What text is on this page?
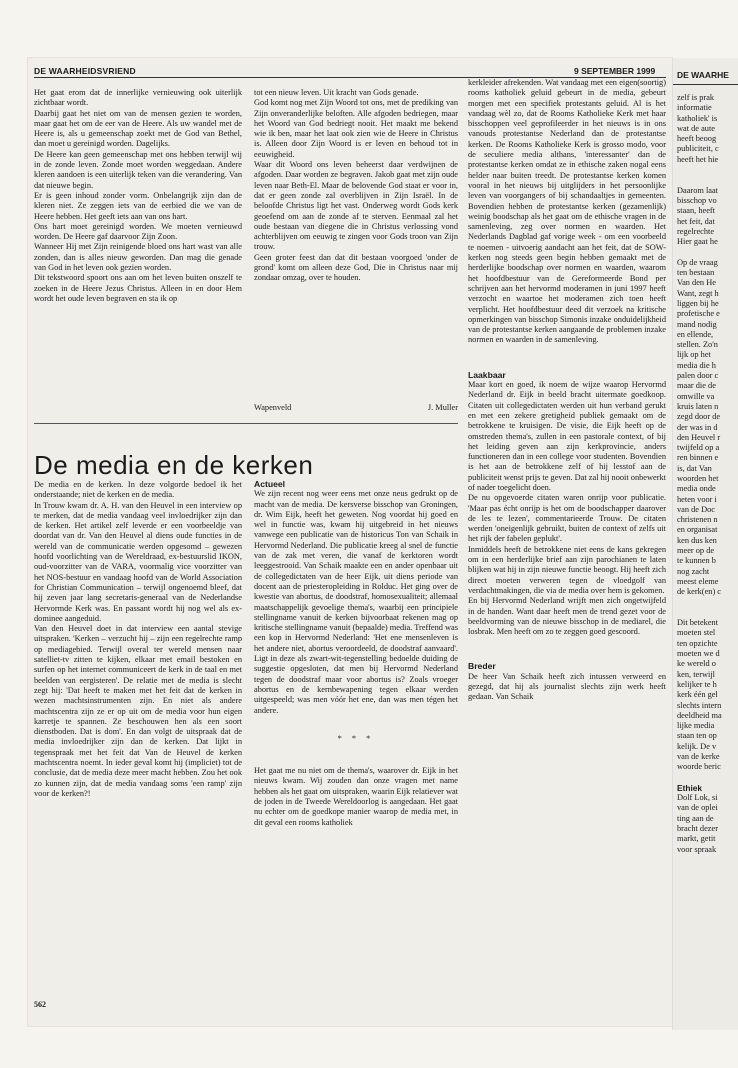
DE WAARHEIDSVRIEND	9 SEPTEMBER 1999

Het gaat erom dat de innerlijke vernieuwing ook uiterlijk zichtbaar wordt.

Daarbij gaat het niet om van de mensen gezien te worden, maar gaat het om de eer van de Heere. Als uw wandel met de Heere is, als u gemeenschap zoekt met de God van Bethel, dan moet u gereinigd worden. Dagelijks.

De Heere kan geen gemeenschap met ons hebben terwijl wij in de zonde leven. Zonde moet worden weggedaan. Andere kleren aandoen is een uiterlijk teken van die verandering. Van dat nieuwe begin.

Er is geen inhoud zonder vorm. Onbelangrijk zijn dan de kleren niet. Ze zeggen iets van de eerbied die we van de Heere hebben. Het geeft iets aan van ons hart.

Ons hart moet gereinigd worden. We moeten vernieuwd worden. De Heere gaf daarvoor Zijn Zoon.

Wanneer Hij met Zijn reinigende bloed ons hart wast van alle zonden, dan is alles nieuw geworden. Dan mag die genade van God in het leven ook gezien worden.

Dit tekstwoord spoort ons aan om het leven buiten onszelf te zoeken in de Heere Jezus Christus. Alleen in en door Hem wordt het oude leven begraven en sta ik op

tot een nieuw leven. Uit kracht van Gods genade.

God komt nog met Zijn Woord tot ons, met de prediking van Zijn onveranderlijke beloften. Alle afgoden bedriegen, maar het Woord van God bedriegt nooit. Het maakt me bekend wie ik ben, maar het laat ook zien wie de Heere in Christus is. Alleen door Zijn Woord is er leven en behoud tot in eeuwigheid.

Waar dit Woord ons leven beheerst daar verdwijnen de afgoden. Daar worden ze begraven. Jakob gaat met zijn oude leven naar Beth-El. Maar de belovende God staat er voor in, dat er geen zonde zal overblijven in Zijn Israël. In de beloofde Christus ligt het vast. Onderweg wordt Gods kerk geoefend om aan de zonde af te sterven. Eenmaal zal het oude bestaan van diegene die in Christus verlossing vond achterblijven om eeuwig te zingen voor Gods troon van Zijn trouw.

Geen groter feest dan dat dit bestaan voorgoed 'onder de grond' komt om alleen deze God, Die in Christus naar mij zondaar omzag, over te houden.

Wapenveld	J. Muller
De media en de kerken

De media en de kerken. In deze volgorde bedoel ik het onderstaande; niet de kerken en de media.

In Trouw kwam dr. A. H. van den Heuvel in een interview op te merken, dat de media vandaag veel invloedrijker zijn dan de kerken. Het artikel zelf leverde er een voorbeeldje van doordat van dr. Van den Heuvel al diens oude functies in de wereld van de communicatie werden opgesomd – gewezen hoofd voorlichting van de Wereldraad, ex-bestuurslid IKON, oud-voorzitter van de VARA, voormalig vice voorzitter van het NOS-bestuur en vandaag hoofd van de World Association for Christian Communication – terwijl ongenoemd bleef, dat hij zeven jaar lang secretaris-generaal van de Nederlandse Hervormde Kerk was. En passant wordt hij nog wel als ex-dominee aangeduid.

Van den Heuvel doet in dat interview een aantal stevige uitspraken. 'Kerken – verzucht hij – zijn een regelrechte ramp op mediagebied. Terwijl overal ter wereld mensen naar satelliet-tv zitten te kijken, elkaar met email bestoken en surfen op het internet communiceert de kerk in de taal en met beelden van eergisteren'. De relatie met de media is slecht zegt hij: 'Dat heeft te maken met het feit dat de kerken in wezen machtsinstrumenten zijn. En niet als andere machtscentra zijn ze er op uit om de media voor hun eigen karretje te spannen. Ze beschouwen hen als een soort dienstboden. Dat is dom'. En dan volgt de uitspraak dat de media invloedrijker zijn dan de kerken. Dat lijkt in tegenspraak met het feit dat Van de Heuvel de kerken machtscentra noemt. In ieder geval komt hij (impliciet) tot de conclusie, dat de media deze meer macht hebben. Zou het ook zo kunnen zijn, dat de media vandaag soms 'een ramp' zijn voor de kerken?!

Actueel

We zijn recent nog weer eens met onze neus gedrukt op de macht van de media. De kersverse bisschop van Groningen, dr. Wim Eijk, heeft het geweten. Nog voordat hij goed en wel in functie was, kwam hij uitgebreid in het nieuws vanwege een publicatie van de historicus Ton van Schaik in Hervormd Nederland. Die publicatie kreeg al snel de functie van de zak met veren, die vanaf de kerktoren wordt leeggestrooid. Van Schaik maakte een en ander openbaar uit de collegedictaten van de heer Eijk, uit diens periode van docent aan de priesteropleiding in Rolduc. Het ging over de kwestie van abortus, de doodstraf, homosexualiteit; allemaal maatschappelijk gevoelige thema's, waarbij een principiele stellingname vanuit de kerken bijvoorbaat rekenen mag op kritische stellingname vanuit (bepaalde) media. Treffend was een kop in Hervormd Nederland: 'Het ene mensenleven is het andere niet, abortus veroordeeld, de doodstraf aanvaard'. Ligt in deze als zwart-wit-tegenstelling bedoelde duiding de suggestie opgesloten, dat men bij Hervormd Nederland tegen de doodstraf maar voor abortus is? Zoals vroeger abortus en de kernbewapening tegen elkaar werden uitgespeeld; was men vóór het ene, dan was men tégen het andere.

* * *

Het gaat me nu niet om de thema's, waarover dr. Eijk in het nieuws kwam. Wij zouden dan onze vragen met name hebben als het gaat om uitspraken, waarin Eijk relatiever wat de joden in de Tweede Wereldoorlog is aangedaan. Het gaat nu echter om de goedkope manier waarop de media met, in dit geval een rooms katholiek

kerkleider afrekenden. Wat vandaag met een eigen(soortig) rooms katholiek geluid gebeurt in de media, gebeurt morgen met een specifiek protestants geluid. Al is het vandaag wèl zo, dat de Rooms Katholieke Kerk met haar bisschoppen veel geprofileerder in het nieuws is in ons vanouds protestantse Nederland dan de protestantse kerken. De Rooms Katholieke Kerk is grosso modo, voor de seculiere media althans, 'interessanter' dan de protestantse kerken omdat ze in ethische zaken nogal eens helder naar buiten treedt. De protestantse kerken komen vooral in het nieuws bij uitglijders in het persoonlijke leven van voorgangers of bij schandaaltjes in gemeenten. Bovendien hebben de protestantse kerken (gezamenlijk) weinig boodschap als het gaat om de ethische vragen in de samenleving, zeg over normen en waarden. Het Nederlands Dagblad gaf vorige week - om een voorbeeld te noemen - uitvoerig aandacht aan het feit, dat de SOW-kerken nog steeds geen begin hebben gemaakt met de herderlijke boodschap over normen en waarden, waarom het hoofdbestuur van de Gereformeerde Bond per schrijven aan het hervormd moderamen in juni 1997 heeft verzocht en waartoe het moderamen zich toen heeft verplicht. Het hoofdbestuur deed dit verzoek na kritische opmerkingen van bisschop Simonis inzake onduidelijkheid van de protestantse kerken aangaande de problemen inzake normen en waarden in de samenleving.

Laakbaar

Maar kort en goed, ik noem de wijze waarop Hervormd Nederland dr. Eijk in beeld bracht uitermate goedkoop. Citaten uit collegedictaten werden uit hun verband gerukt en met een zekere gretigheid publiek gemaakt om de betrokkene te kruisigen. De visie, die Eijk heeft op de omstreden thema's, zullen in een pastorale context, of bij het leiding geven aan zijn kerkprovincie, anders functioneren dan in een college voor studenten. Bovendien is het aan de betrokkene zelf of hij lesstof aan de publiciteit wenst prijs te geven. Dat zal hij nooit onbewerkt of nader toegelicht doen.

De nu opgevoerde citaten waren onrijp voor publicatie. 'Maar pas écht onrijp is het om de boodschapper daarover de les te lezen', commentarieerde Trouw. De citaten werden 'oneigenlijk gebruikt, buiten de context of zelfs uit het rijk der fabelen geplukt'.

Inmiddels heeft de betrokkene niet eens de kans gekregen om in een herderlijke brief aan zijn parochianen te laten blijken wat hij in zijn nieuwe functie beoogt. Hij heeft zich direct moeten verweren tegen de vloedgolf van verdachtmakingen, die via de media over hem is gekomen.

En bij Hervormd Nederland wrijft men zich ongetwijfeld in de handen. Want daar heeft men de trend gezet voor de beeldvorming van de nieuwe bisschop in de mediarel, die losbrak. Men heeft om zo te zeggen goed gescoord.

Breder

De heer Van Schaik heeft zich intussen verweerd en gezegd, dat hij als journalist slechts zijn werk heeft gedaan. Van Schaik

562
DE WAARHE
zelf is prak
informatie
katholiek' is
wat de aute
heeft beoog
publiciteit, c
heeft het hie
Daarom laat
bisschop vo
staan, heeft
het feit, dat
regelrechte
Hier gaat he
Op de vraag
ten bestaan
Van den He
Want, zegt h
liggen bij he
profetische e
mand nodig
en ellende,
stellen. Zo'n
lijk op het
media die h
palen door c
maar die de
omwille va
kruis laten n
zegd door de
der was in d
den Heuvel r
twijfeld op a
ren binnen e
is, dat Van
woorden het
media onde
heten voor i
van de Doc
christenen n
en organisat
ken dus ken
meer op de
te kunnen b
nog zacht
meest eleme
de kerk(en) c
Dit betekent
moeten stel
ten opzichte
moeten we d
ke wereld o
ken, terwijl
kelijker te h
kerk één gel
slechts intern
deeldheid ma
lijke media
staan ten op
kelijk. De v
van de kerke
woorde beric
Ethiek
Dolf Lok, si
van de oplei
ting aan de
bracht dezer
markt, getit
voor spraak
